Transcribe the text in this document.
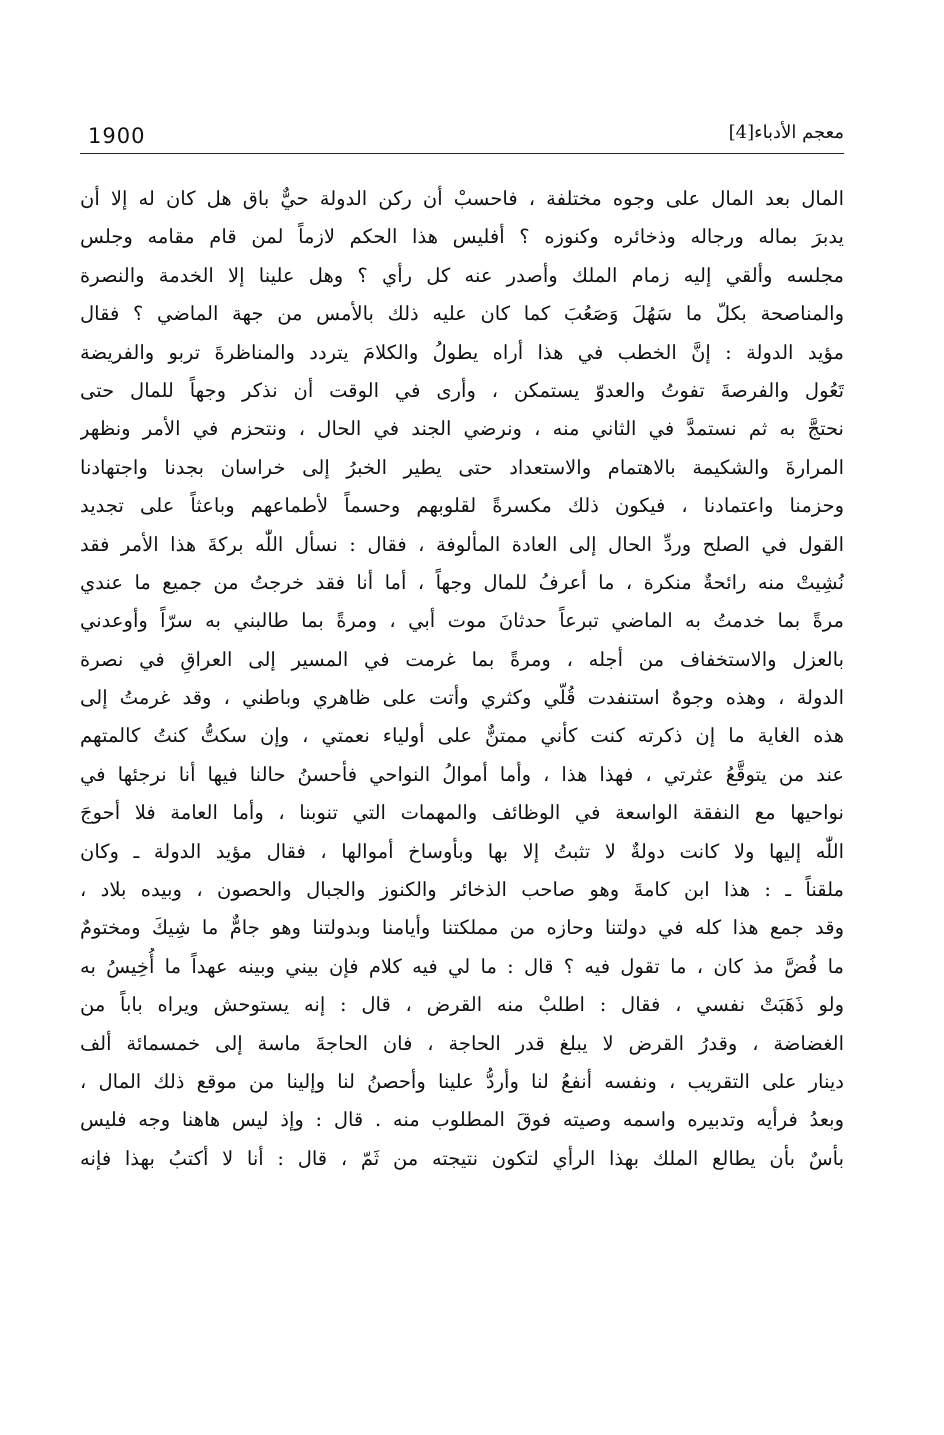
1900	معجم الأدباء[4]
المال بعد المال على وجوه مختلفة ، فاحسبْ أن ركن الدولة حيٌّ باق هل كان له إلا أن
يدبرَ بماله ورجاله وذخائره وكنوزه ؟ أفليس هذا الحكم لازماً لمن قام مقامه وجلس
مجلسه وألقي إليه زمام الملك وأصدر عنه كل رأي ؟ وهل علينا إلا الخدمة والنصرة
والمناصحة بكلّ ما سَهُلَ وَصَعُبَ كما كان عليه ذلك بالأمس من جهة الماضي ؟ فقال
مؤيد الدولة : إنَّ الخطب في هذا أراه يطولُ والكلامَ يتردد والمناظرةَ تربو والفريضة
تَعُول والفرصةَ تفوتُ والعدوّ يستمكن ، وأرى في الوقت أن نذكر وجهاً للمال حتى
نحتجَّ به ثم نستمدَّ في الثاني منه ، ونرضي الجند في الحال ، ونتحزم في الأمر ونظهر
المرارةَ والشكيمة بالاهتمام والاستعداد حتى يطير الخبرُ إلى خراسان بجدنا واجتهادنا
وحزمنا واعتمادنا ، فيكون ذلك مكسرةً لقلوبهم وحسماً لأطماعهم وباعثاً على تجديد
القول في الصلح وردِّ الحال إلى العادة المألوفة ، فقال : نسأل اللّٰه بركةَ هذا الأمر فقد
نُشِيتْ منه رائحةٌ منكرة ، ما أعرفُ للمال وجهاً ، أما أنا فقد خرجتُ من جميع ما عندي
مرةً بما خدمتُ به الماضي تبرعاً حدثانَ موت أبي ، ومرةً بما طالبني به سرّاً وأوعدني
بالعزل والاستخفاف من أجله ، ومرةً بما غرمت في المسير إلى العراقِ في نصرة
الدولة ، وهذه وجوهٌ استنفدت قُلّي وكثري وأتت على ظاهري وباطني ، وقد غرمتُ إلى
هذه الغاية ما إن ذكرته كنت كأني ممتنٌّ على أولياء نعمتي ، وإن سكتُّ كنتُ كالمتهم
عند من يتوقَّعُ عثرتي ، فهذا هذا ، وأما أموالُ النواحي فأحسنُ حالنا فيها أنا نرجئها في
نواحيها مع النفقة الواسعة في الوظائف والمهمات التي تنوبنا ، وأما العامة فلا أحوجَ
اللّٰه إليها ولا كانت دولةٌ لا تثبتُ إلا بها وبأوساخ أموالها ، فقال مؤيد الدولة ـ وكان
ملقناً ـ : هذا ابن كامةَ وهو صاحب الذخائر والكنوز والجبال والحصون ، وبيده بلاد ،
وقد جمع هذا كله في دولتنا وحازه من مملكتنا وأيامنا وبدولتنا وهو جامٌّ ما شِيكَ ومختومٌ
ما فُضَّ مذ كان ، ما تقول فيه ؟ قال : ما لي فيه كلام فإن بيني وبينه عهداً ما أُخِيسُ به
ولو ذَهَبَتْ نفسي ، فقال : اطلبْ منه القرض ، قال : إنه يستوحش ويراه باباً من
الغضاضة ، وقدرُ القرض لا يبلغ قدر الحاجة ، فان الحاجةَ ماسة إلى خمسمائة ألف
دينار على التقريب ، ونفسه أنفعُ لنا وأردُّ علينا وأحصنُ لنا وإلينا من موقع ذلك المال ،
وبعدُ فرأيه وتدبيره واسمه وصيته فوقَ المطلوب منه . قال : وإذ ليس هاهنا وجه فليس
بأسٌ بأن يطالع الملك بهذا الرأي لتكون نتيجته من ثَمّ ، قال : أنا لا أكتبُ بهذا فإنه
